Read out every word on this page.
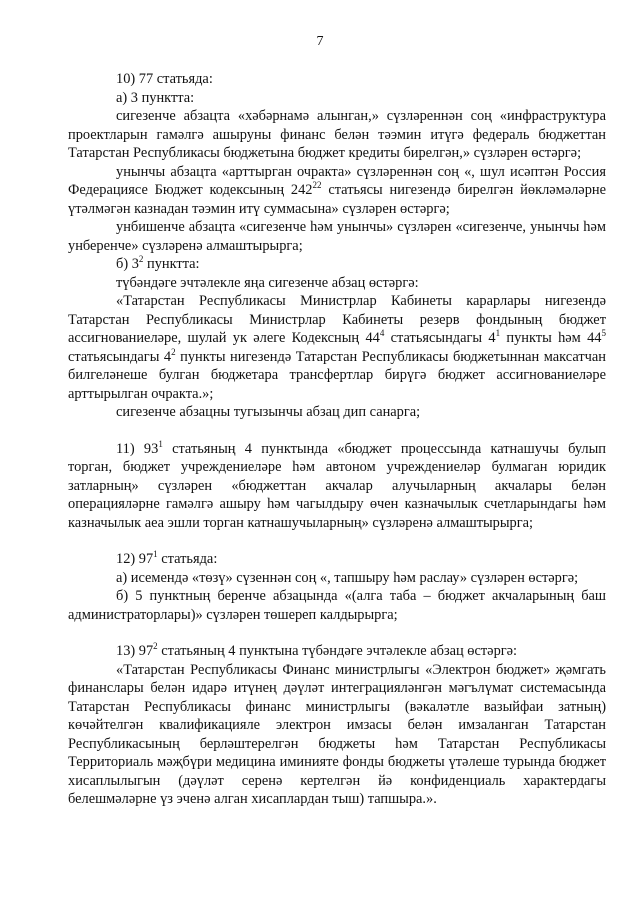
7

10) 77 статьяда:

а) 3 пунктта:

сигезенче абзацта «хәбәрнамә алынган,» сүзләреннән соң «инфраструктура проектларын гамәлгә ашыруны финанс белән тәэмин итүгә федераль бюджеттан Татарстан Республикасы бюджетына бюджет кредиты бирелгән,» сүзләрен өстәргә;

унынчы абзацта «арттырган очракта» сүзләреннән соң «, шул исәптән Россия Федерациясе Бюджет кодексының $242^{22}$ статьясы нигезендә бирелгән йөкләмәләрне үтәлмәгән казнадан тәэмин итү суммасына» сүзләрен өстәргә;

унбишенче абзацта «сигезенче һәм унынчы» сүзләрен «сигезенче, унынчы һәм унберенче» сүзләренә алмаштырырга;

б) $3^2$ пунктта:

түбәндәге эчтәлекле яңа сигезенче абзац өстәргә:

«Татарстан Республикасы Министрлар Кабинеты карарлары нигезендә Татарстан Республикасы Министрлар Кабинеты резерв фондының бюджет ассигнованиеләре, шулай ук әлеге Кодексның $44^4$ статьясындагы $4^1$ пункты һәм $44^5$ статьясындагы $4^2$ пункты нигезендә Татарстан Республикасы бюджетыннан максатчан билгеләнеше булган бюджетара трансфертлар бирүгә бюджет ассигнованиеләре арттырылган очракта.»;

сигезенче абзацны тугызынчы абзац дип санарга;

11) $93^1$ статьяның 4 пунктында «бюджет процессында катнашучы булып торган, бюджет учреждениеләре һәм автоном учреждениеләр булмаган юридик затларның» сүзләрен «бюджеттан акчалар алучыларның акчалары белән операцияләрне гамәлгә ашыру һәм чагылдыру өчен казначылык счетларындагы һәм казначылык аеа эшли торган катнашучыларның» сүзләренә алмаштырырга;

12) $97^1$ статьяда:

а) исемендә «төзү» сүзеннән соң «, тапшыру һәм раслау» сүзләрен өстәргә;

б) 5 пунктның беренче абзацында «(алга таба – бюджет акчаларының баш администраторлары)» сүзләрен төшереп калдырырга;

13) $97^2$ статьяның 4 пунктына түбәндәге эчтәлекле абзац өстәргә:

«Татарстан Республикасы Финанс министрлыгы «Электрон бюджет» җәмгать финанслары белән идарә итүнең дәүләт интеграцияләнгән мәгълүмат системасында Татарстан Республикасы финанс министрлыгы (вәкаләтле вазыйфаи затның) көчәйтелгән квалификацияле электрон имзасы белән имзаланган Татарстан Республикасының берләштерелгән бюджеты һәм Татарстан Республикасы Территориаль мәҗбүри медицина иминияте фонды бюджеты үтәлеше турында бюджет хисаплылыгын (дәүләт серенә кертелгән йә конфиденциаль характердагы белешмәләрне үз эченә алган хисаплардан тыш) тапшыра.».
